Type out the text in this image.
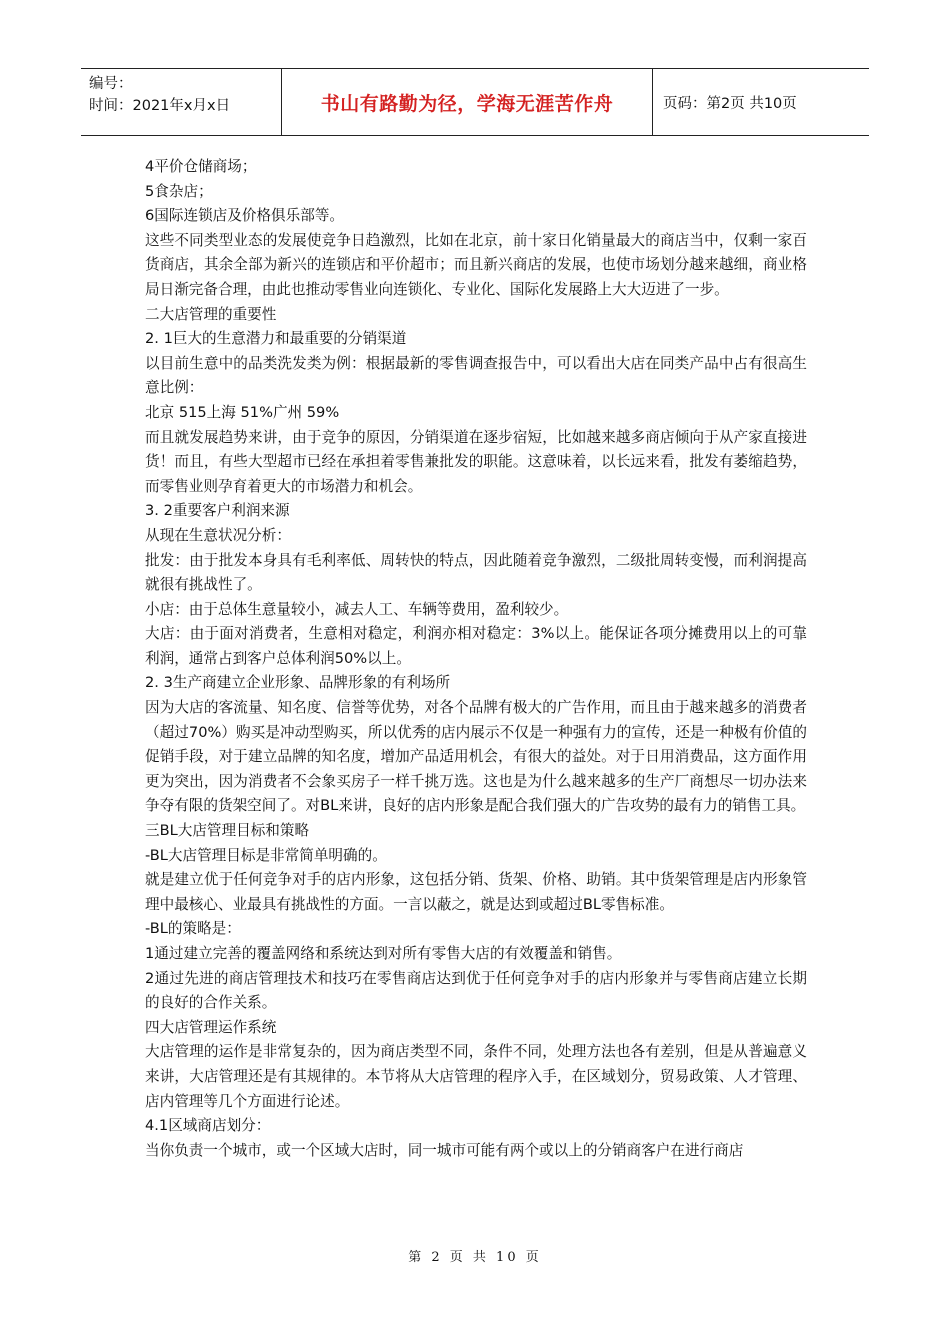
编号：
时间：2021年x月x日	书山有路勤为径，学海无涯苦作舟	页码：第2页 共10页

4平价仓储商场；

5食杂店；

6国际连锁店及价格俱乐部等。

这些不同类型业态的发展使竞争日趋激烈，比如在北京，前十家日化销量最大的商店当中，仅剩一家百货商店，其余全部为新兴的连锁店和平价超市；而且新兴商店的发展，也使市场划分越来越细，商业格局日渐完备合理，由此也推动零售业向连锁化、专业化、国际化发展路上大大迈进了一步。

二大店管理的重要性

2. 1巨大的生意潜力和最重要的分销渠道

以目前生意中的品类洗发类为例：根据最新的零售调查报告中，可以看出大店在同类产品中占有很高生意比例：

北京 515上海 51%广州 59%

而且就发展趋势来讲，由于竞争的原因，分销渠道在逐步宿短，比如越来越多商店倾向于从产家直接进货！而且，有些大型超市已经在承担着零售兼批发的职能。这意味着，以长远来看，批发有萎缩趋势，而零售业则孕育着更大的市场潜力和机会。

3. 2重要客户利润来源

从现在生意状况分析：

批发：由于批发本身具有毛利率低、周转快的特点，因此随着竞争激烈，二级批周转变慢，而利润提高就很有挑战性了。

小店：由于总体生意量较小，减去人工、车辆等费用，盈利较少。

大店：由于面对消费者，生意相对稳定，利润亦相对稳定：3%以上。能保证各项分摊费用以上的可靠利润，通常占到客户总体利润50%以上。

2. 3生产商建立企业形象、品牌形象的有利场所

因为大店的客流量、知名度、信誉等优势，对各个品牌有极大的广告作用，而且由于越来越多的消费者（超过70%）购买是冲动型购买，所以优秀的店内展示不仅是一种强有力的宣传，还是一种极有价值的促销手段，对于建立品牌的知名度，增加产品适用机会，有很大的益处。对于日用消费品，这方面作用更为突出，因为消费者不会象买房子一样千挑万选。这也是为什么越来越多的生产厂商想尽一切办法来争夺有限的货架空间了。对BL来讲，良好的店内形象是配合我们强大的广告攻势的最有力的销售工具。

三BL大店管理目标和策略

-BL大店管理目标是非常简单明确的。

就是建立优于任何竞争对手的店内形象，这包括分销、货架、价格、助销。其中货架管理是店内形象管理中最核心、业最具有挑战性的方面。一言以蔽之，就是达到或超过BL零售标准。

-BL的策略是：

1通过建立完善的覆盖网络和系统达到对所有零售大店的有效覆盖和销售。

2通过先进的商店管理技术和技巧在零售商店达到优于任何竞争对手的店内形象并与零售商店建立长期的良好的合作关系。

四大店管理运作系统

大店管理的运作是非常复杂的，因为商店类型不同，条件不同，处理方法也各有差别，但是从普遍意义来讲，大店管理还是有其规律的。本节将从大店管理的程序入手，在区域划分，贸易政策、人才管理、店内管理等几个方面进行论述。

4.1区域商店划分：

当你负责一个城市，或一个区域大店时，同一城市可能有两个或以上的分销商客户在进行商店

第 2 页 共 10 页
